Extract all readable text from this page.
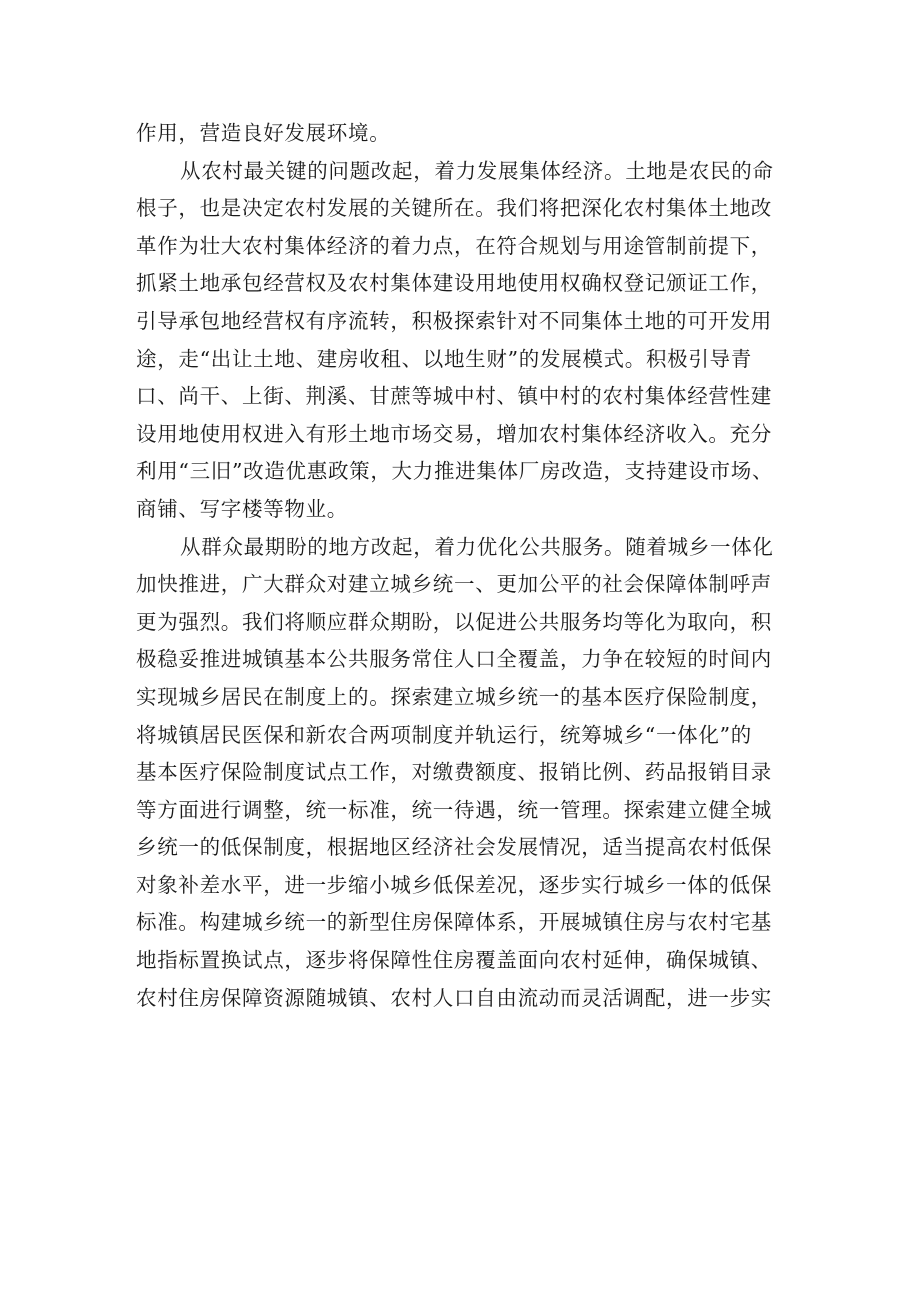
作用，营造良好发展环境。
从农村最关键的问题改起，着力发展集体经济。土地是农民的命
根子，也是决定农村发展的关键所在。我们将把深化农村集体土地改
革作为壮大农村集体经济的着力点，在符合规划与用途管制前提下，
抓紧土地承包经营权及农村集体建设用地使用权确权登记颁证工作，
引导承包地经营权有序流转，积极探索针对不同集体土地的可开发用
途，走“出让土地、建房收租、以地生财”的发展模式。积极引导青
口、尚干、上街、荆溪、甘蔗等城中村、镇中村的农村集体经营性建
设用地使用权进入有形土地市场交易，增加农村集体经济收入。充分
利用“三旧”改造优惠政策，大力推进集体厂房改造，支持建设市场、
商铺、写字楼等物业。
从群众最期盼的地方改起，着力优化公共服务。随着城乡一体化
加快推进，广大群众对建立城乡统一、更加公平的社会保障体制呼声
更为强烈。我们将顺应群众期盼，以促进公共服务均等化为取向，积
极稳妥推进城镇基本公共服务常住人口全覆盖，力争在较短的时间内
实现城乡居民在制度上的。探索建立城乡统一的基本医疗保险制度，
将城镇居民医保和新农合两项制度并轨运行，统筹城乡“一体化”的
基本医疗保险制度试点工作，对缴费额度、报销比例、药品报销目录
等方面进行调整，统一标准，统一待遇，统一管理。探索建立健全城
乡统一的低保制度，根据地区经济社会发展情况，适当提高农村低保
对象补差水平，进一步缩小城乡低保差况，逐步实行城乡一体的低保
标准。构建城乡统一的新型住房保障体系，开展城镇住房与农村宅基
地指标置换试点，逐步将保障性住房覆盖面向农村延伸，确保城镇、
农村住房保障资源随城镇、农村人口自由流动而灵活调配，进一步实
